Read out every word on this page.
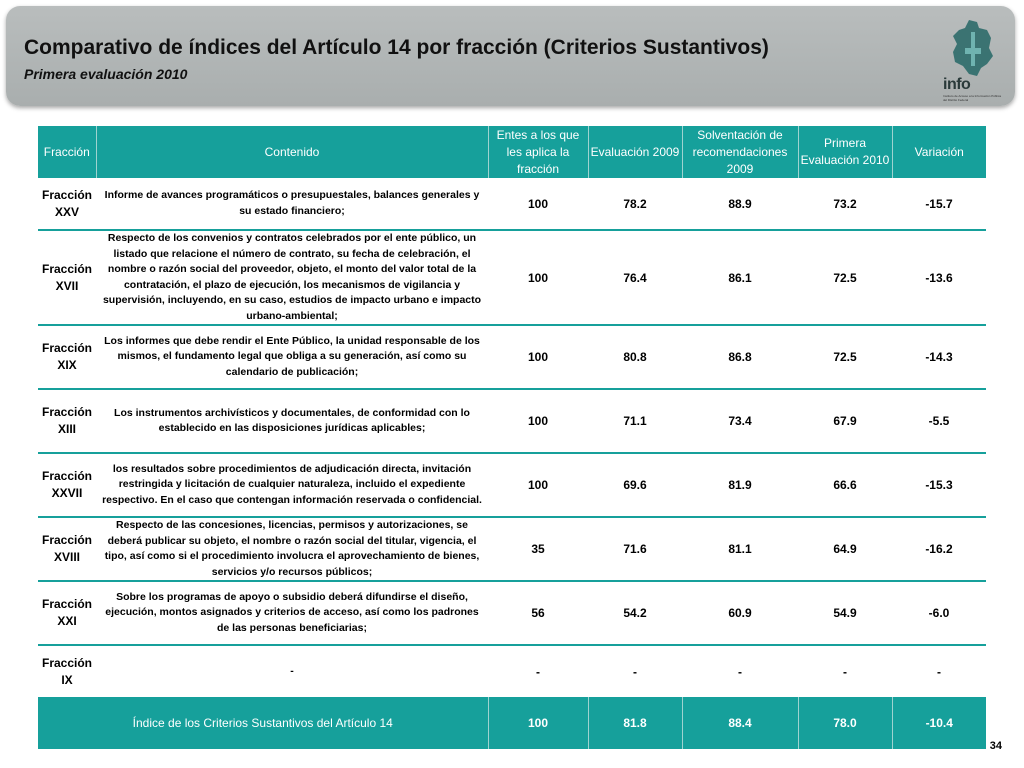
Comparativo de índices del Artículo 14 por fracción (Criterios Sustantivos)
Primera evaluación 2010
info
Instituto de Acceso a la Información Pública del Distrito Federal
Fracción	Contenido	Entes a los que les aplica la fracción	Evaluación 2009	Solventación de recomendaciones 2009	Primera Evaluación 2010	Variación
Fracción XXV	Informe de avances programáticos o presupuestales, balances generales y su estado financiero;	100	78.2	88.9	73.2	-15.7
Fracción XVII	Respecto de los convenios y contratos celebrados por el ente público, un listado que relacione el número de contrato, su fecha de celebración, el nombre o razón social del proveedor, objeto, el monto del valor total de la contratación, el plazo de ejecución, los mecanismos de vigilancia y supervisión, incluyendo, en su caso, estudios de impacto urbano e impacto urbano-ambiental;	100	76.4	86.1	72.5	-13.6
Fracción XIX	Los informes que debe rendir el Ente Público, la unidad responsable de los mismos, el fundamento legal que obliga a su generación, así como su calendario de publicación;	100	80.8	86.8	72.5	-14.3
Fracción XIII	Los instrumentos archivísticos y documentales, de conformidad con lo establecido en las disposiciones jurídicas aplicables;	100	71.1	73.4	67.9	-5.5
Fracción XXVII	los resultados sobre procedimientos de adjudicación directa, invitación restringida y licitación de cualquier naturaleza, incluido el expediente respectivo. En el caso que contengan información reservada o confidencial.	100	69.6	81.9	66.6	-15.3
Fracción XVIII	Respecto de las concesiones, licencias, permisos y autorizaciones, se deberá publicar su objeto, el nombre o razón social del titular, vigencia, el tipo, así como si el procedimiento involucra el aprovechamiento de bienes, servicios y/o recursos públicos;	35	71.6	81.1	64.9	-16.2
Fracción XXI	Sobre los programas de apoyo o subsidio deberá difundirse el diseño, ejecución, montos asignados y criterios de acceso, así como los padrones de las personas beneficiarias;	56	54.2	60.9	54.9	-6.0
Fracción IX	-	-	-	-	-	-
Índice de los Criterios Sustantivos del Artículo 14		100	81.8	88.4	78.0	-10.4
34
